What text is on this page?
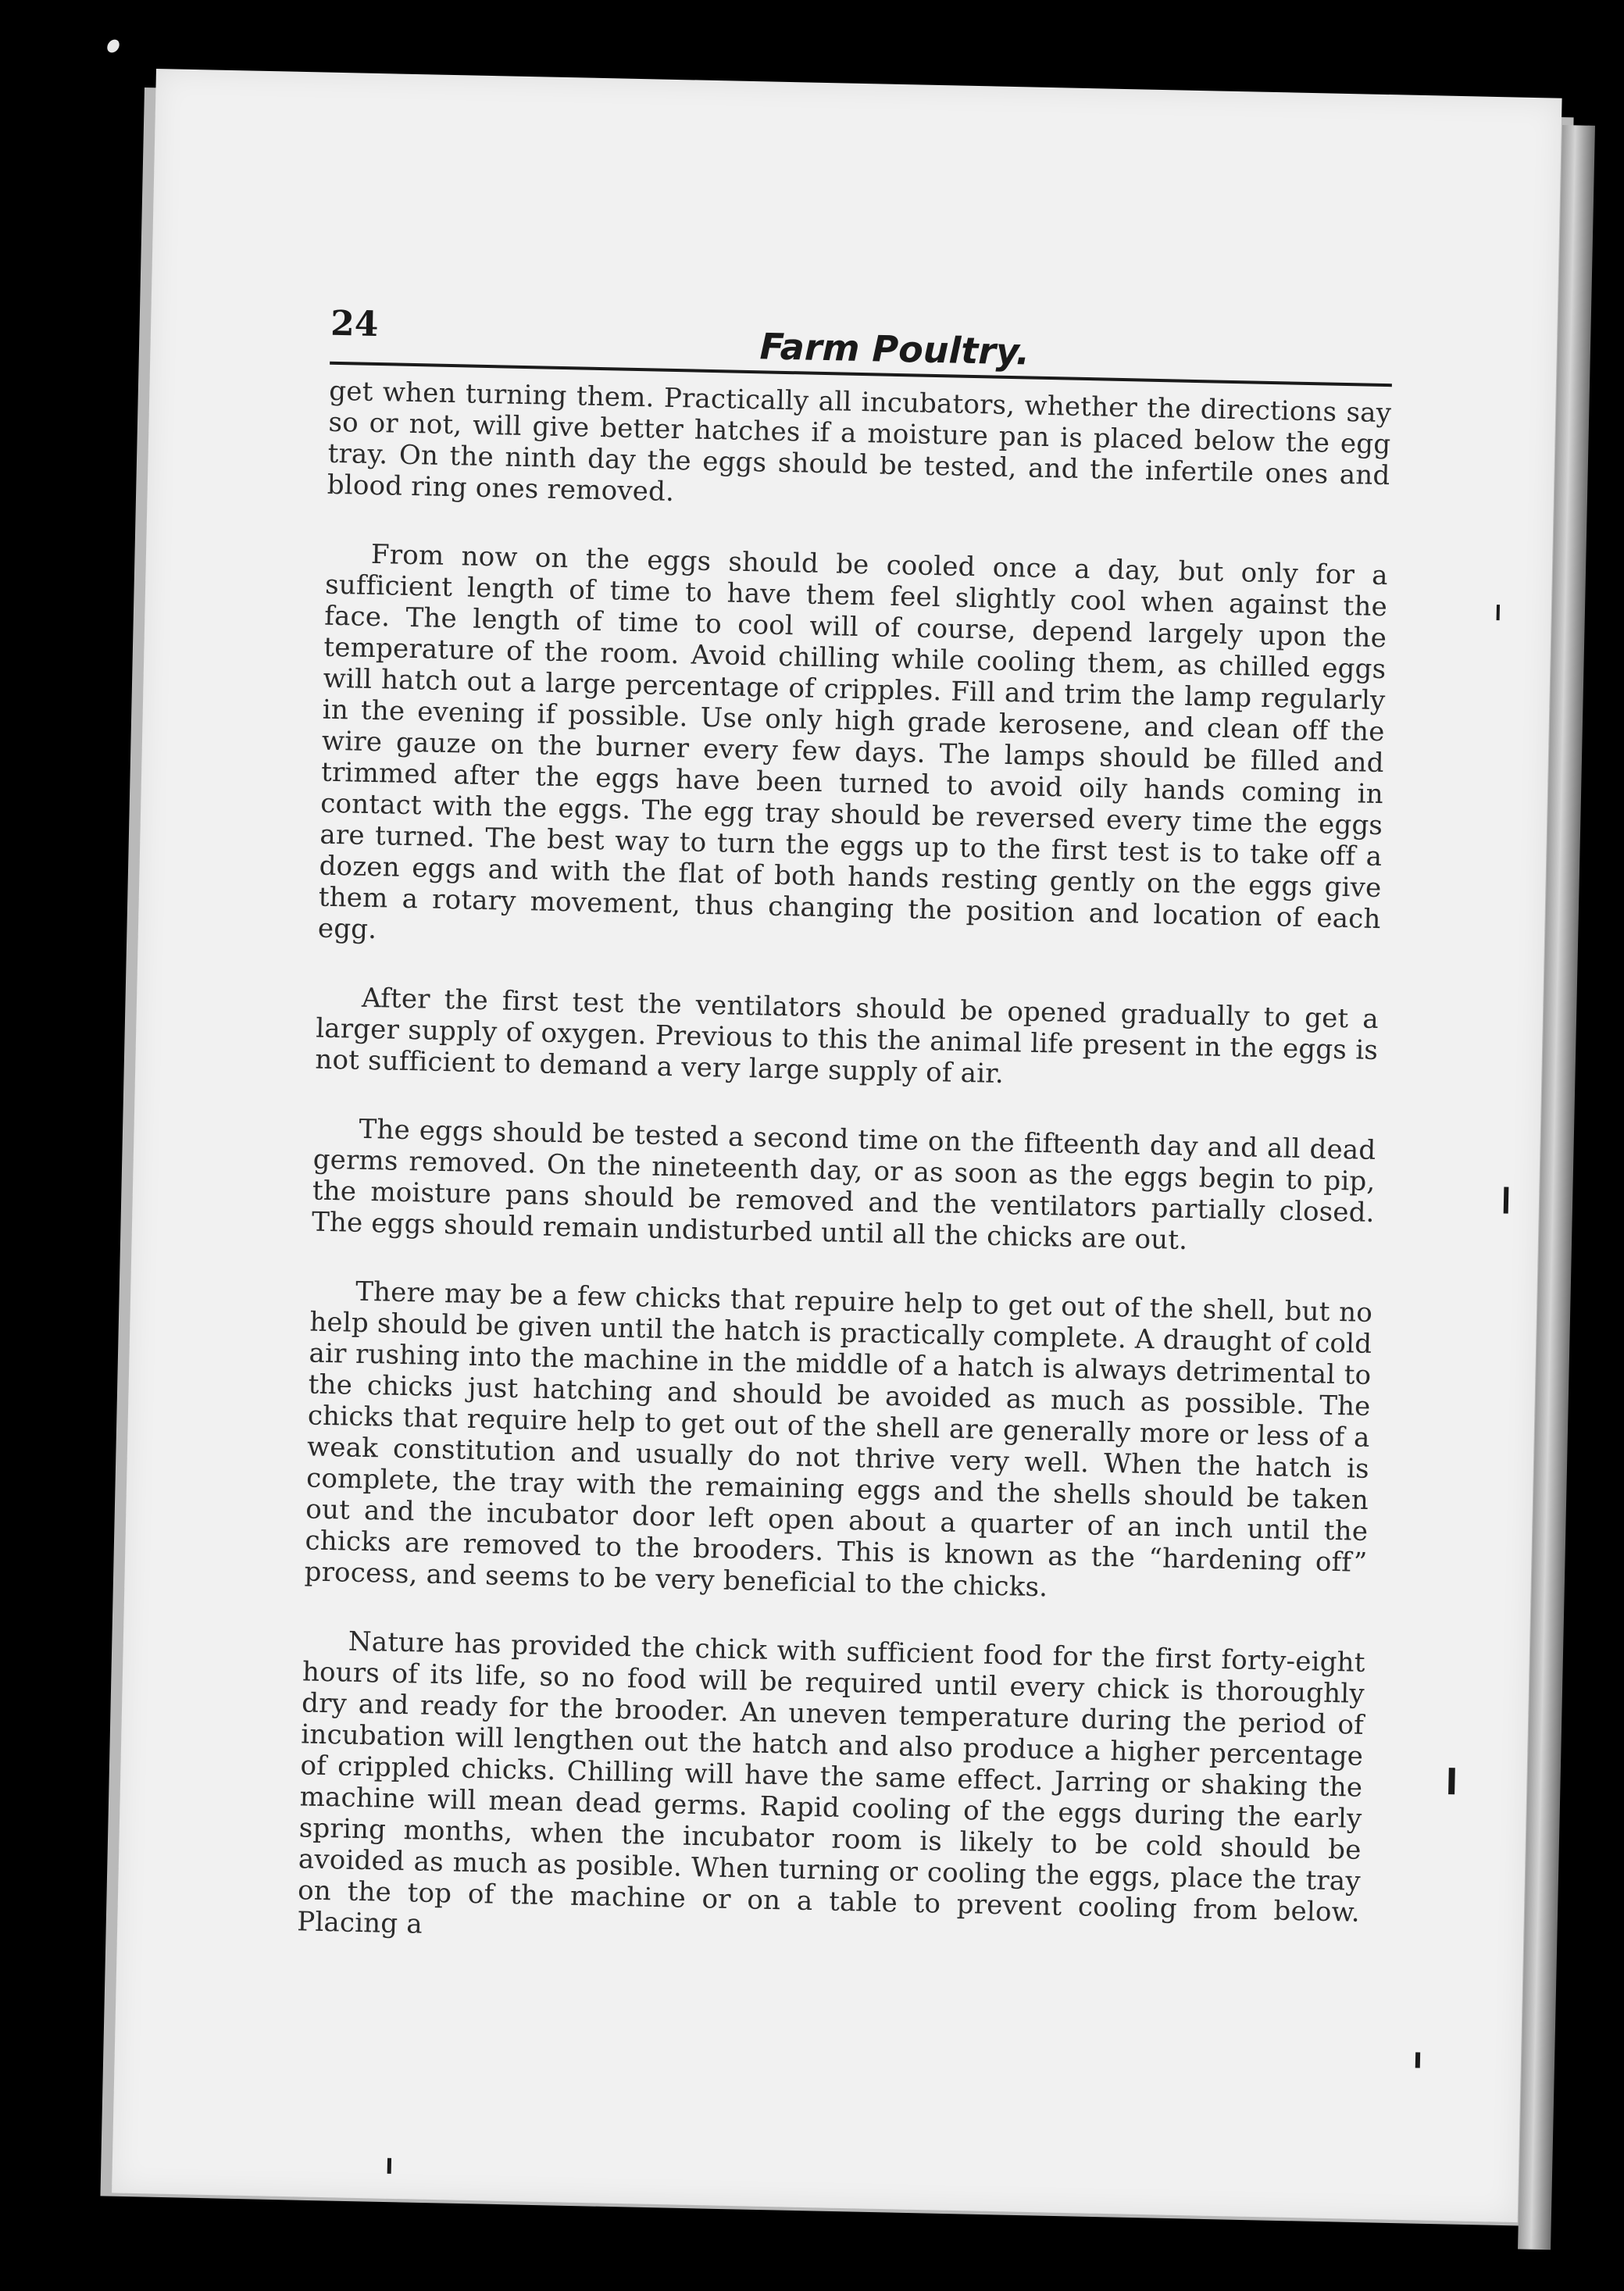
24
Farm Poultry.

get when turning them. Practically all incubators, whether the directions say so or not, will give better hatches if a moisture pan is placed below the egg tray. On the ninth day the eggs should be tested, and the infertile ones and blood ring ones removed.

From now on the eggs should be cooled once a day, but only for a sufficient length of time to have them feel slightly cool when against the face. The length of time to cool will of course, depend largely upon the temperature of the room. Avoid chilling while cooling them, as chilled eggs will hatch out a large percentage of cripples. Fill and trim the lamp regularly in the evening if possible. Use only high grade kerosene, and clean off the wire gauze on the burner every few days. The lamps should be filled and trimmed after the eggs have been turned to avoid oily hands coming in contact with the eggs. The egg tray should be reversed every time the eggs are turned. The best way to turn the eggs up to the first test is to take off a dozen eggs and with the flat of both hands resting gently on the eggs give them a rotary movement, thus changing the position and location of each egg.

After the first test the ventilators should be opened gradually to get a larger supply of oxygen. Previous to this the animal life present in the eggs is not sufficient to demand a very large supply of air.

The eggs should be tested a second time on the fifteenth day and all dead germs removed. On the nineteenth day, or as soon as the eggs begin to pip, the moisture pans should be removed and the ventilators partially closed. The eggs should remain undisturbed until all the chicks are out.

There may be a few chicks that repuire help to get out of the shell, but no help should be given until the hatch is practically complete. A draught of cold air rushing into the machine in the middle of a hatch is always detrimental to the chicks just hatching and should be avoided as much as possible. The chicks that require help to get out of the shell are generally more or less of a weak constitution and usually do not thrive very well. When the hatch is complete, the tray with the remaining eggs and the shells should be taken out and the incubator door left open about a quarter of an inch until the chicks are removed to the brooders. This is known as the “hardening off” process, and seems to be very beneficial to the chicks.

Nature has provided the chick with sufficient food for the first forty-eight hours of its life, so no food will be required until every chick is thoroughly dry and ready for the brooder. An uneven temperature during the period of incubation will lengthen out the hatch and also produce a higher percentage of crippled chicks. Chilling will have the same effect. Jarring or shaking the machine will mean dead germs. Rapid cooling of the eggs during the early spring months, when the incubator room is likely to be cold should be avoided as much as posible. When turning or cooling the eggs, place the tray on the top of the machine or on a table to prevent cooling from below. Placing a
